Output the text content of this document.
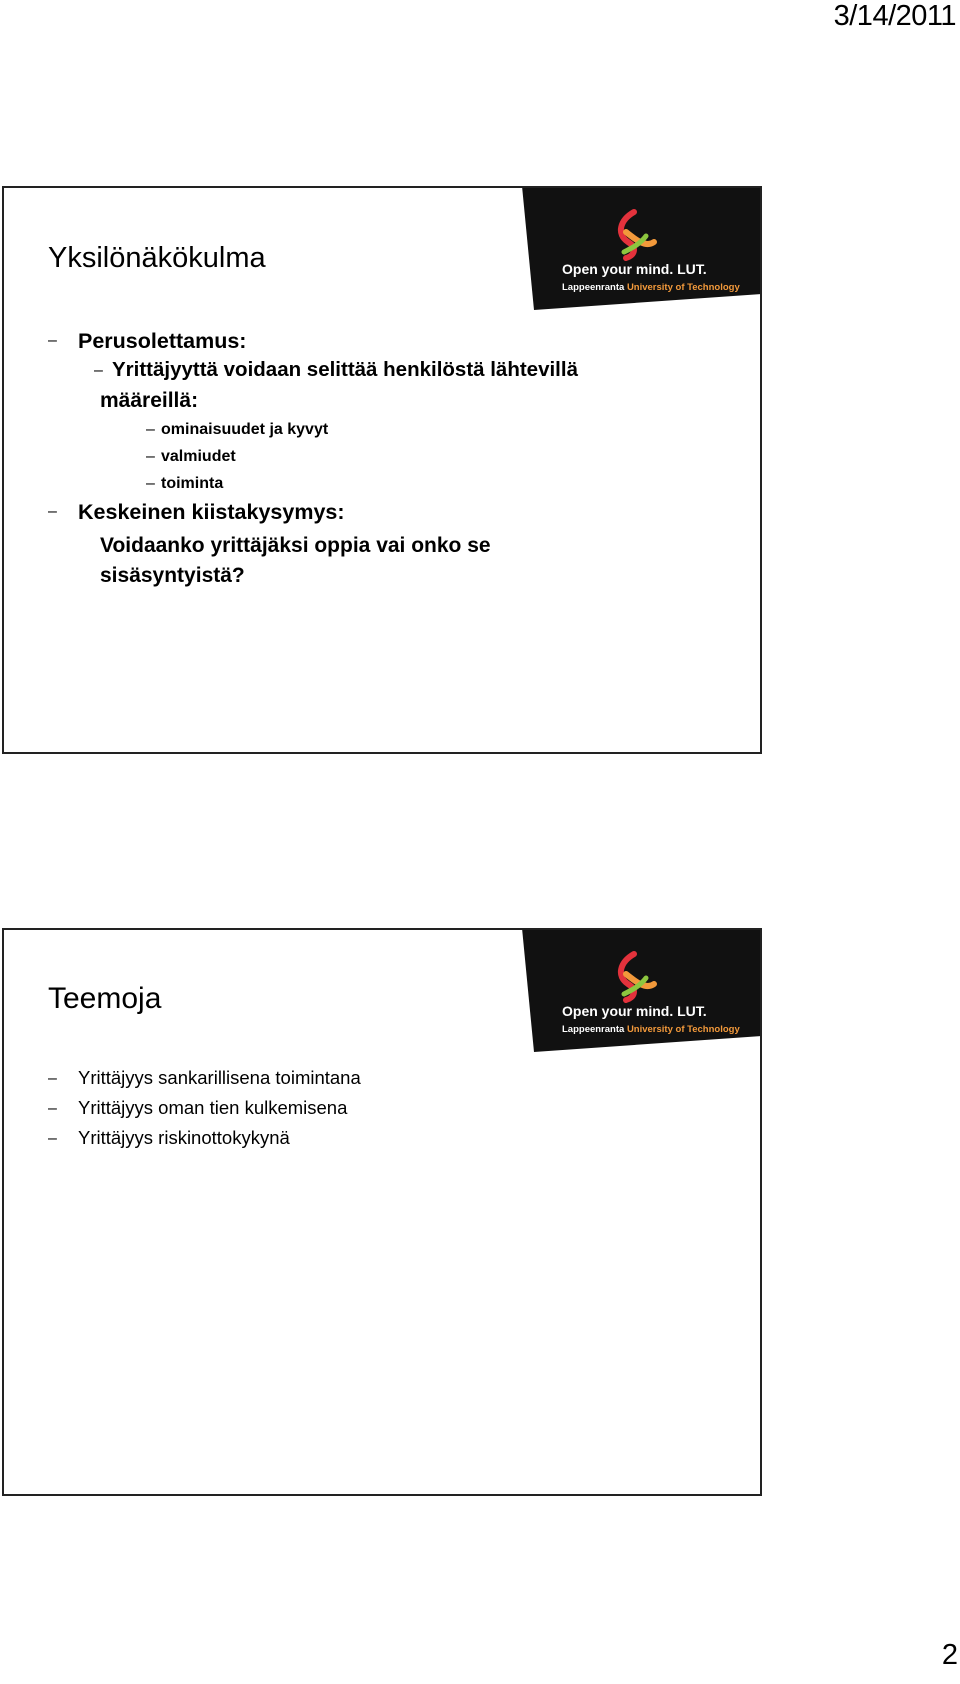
3/14/2011
Open your mind. LUT.
Lappeenranta University of Technology
Yksilönäkökulma
– Perusolettamus:
– Yrittäjyyttä voidaan selittää henkilöstä lähtevillä
määreillä:
– ominaisuudet ja kyvyt
– valmiudet
– toiminta
– Keskeinen kiistakysymys:
Voidaanko yrittäjäksi oppia vai onko se
sisäsyntyistä?
Open your mind. LUT.
Lappeenranta University of Technology
Teemoja
–	Yrittäjyys sankarillisena toimintana
–	Yrittäjyys oman tien kulkemisena
–	Yrittäjyys riskinottokykynä
2
